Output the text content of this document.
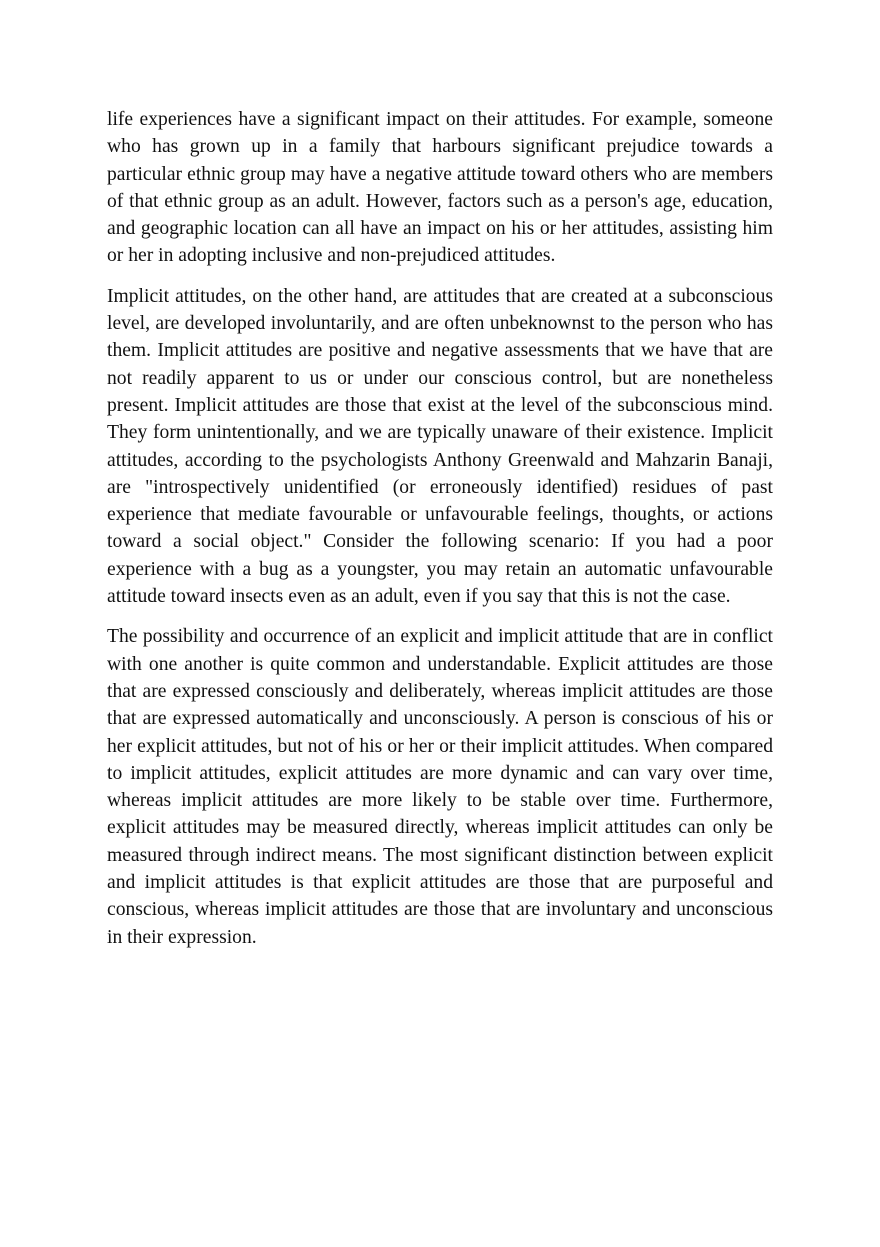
life experiences have a significant impact on their attitudes. For example, someone who has grown up in a family that harbours significant prejudice towards a particular ethnic group may have a negative attitude toward others who are members of that ethnic group as an adult. However, factors such as a person's age, education, and geographic location can all have an impact on his or her attitudes, assisting him or her in adopting inclusive and non-prejudiced attitudes.

Implicit attitudes, on the other hand, are attitudes that are created at a subconscious level, are developed involuntarily, and are often unbeknownst to the person who has them. Implicit attitudes are positive and negative assessments that we have that are not readily apparent to us or under our conscious control, but are nonetheless present. Implicit attitudes are those that exist at the level of the subconscious mind. They form unintentionally, and we are typically unaware of their existence. Implicit attitudes, according to the psychologists Anthony Greenwald and Mahzarin Banaji, are "introspectively unidentified (or erroneously identified) residues of past experience that mediate favourable or unfavourable feelings, thoughts, or actions toward a social object." Consider the following scenario: If you had a poor experience with a bug as a youngster, you may retain an automatic unfavourable attitude toward insects even as an adult, even if you say that this is not the case.

The possibility and occurrence of an explicit and implicit attitude that are in conflict with one another is quite common and understandable. Explicit attitudes are those that are expressed consciously and deliberately, whereas implicit attitudes are those that are expressed automatically and unconsciously. A person is conscious of his or her explicit attitudes, but not of his or her or their implicit attitudes. When compared to implicit attitudes, explicit attitudes are more dynamic and can vary over time, whereas implicit attitudes are more likely to be stable over time. Furthermore, explicit attitudes may be measured directly, whereas implicit attitudes can only be measured through indirect means. The most significant distinction between explicit and implicit attitudes is that explicit attitudes are those that are purposeful and conscious, whereas implicit attitudes are those that are involuntary and unconscious in their expression.
